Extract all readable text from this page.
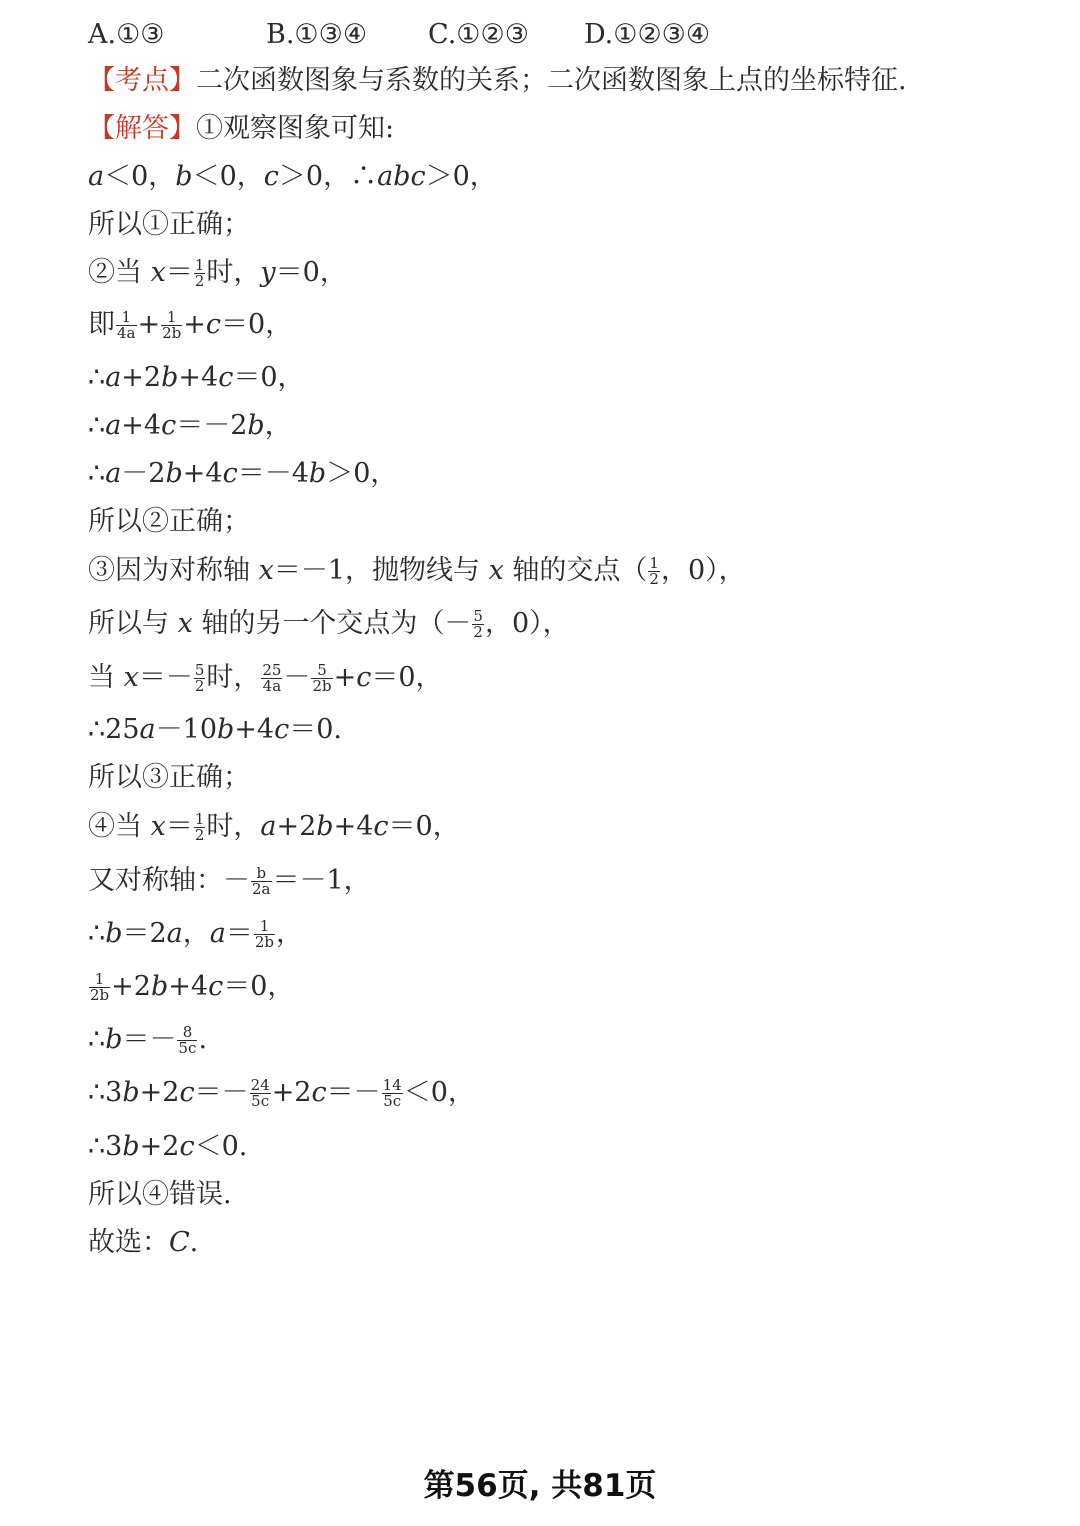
A.①③	B.①③④ C.①②③ D.①②③④
【考点】二次函数图象与系数的关系；二次函数图象上点的坐标特征.
【解答】①观察图象可知:
a＜0，b＜0，c＞0，∴abc＞0，
所以①正确；
②当 $x= \frac{1}{2}$ 时，y＝0，
即 $\frac{1}{4a} + \frac{1}{2b} +c=0$，
∴a+2b+4c＝0，
∴a+4c＝－2b，
∴a－2b+4c＝－4b＞0，
所以②正确；
③因为对称轴 x＝－1，抛物线与 x 轴的交点（ $\frac{1}{2}$ ，0），
所以与 x 轴的另一个交点为（－ $\frac{5}{2}$ ，0），
当 $x=- \frac{5}{2}$ 时， $\frac{25}{4a} - \frac{5}{2b} +c=0$，
∴25a－10b+4c＝0.
所以③正确；
④当 $x= \frac{1}{2}$ 时，a+2b+4c＝0，
又对称轴：－ $\frac{b}{2a} =-1$，
∴b＝2a，$a= \frac{1}{2b}$ ，
$\frac{1}{2b} +2b+4c=0$，
∴b＝－ $\frac{8}{5c}$ .
∴3b+2c＝－ $\frac{24}{5c} +2c=- \frac{14}{5c} <0$，
∴3b+2c＜0.
所以④错误.
故选：C.
第56页, 共81页
